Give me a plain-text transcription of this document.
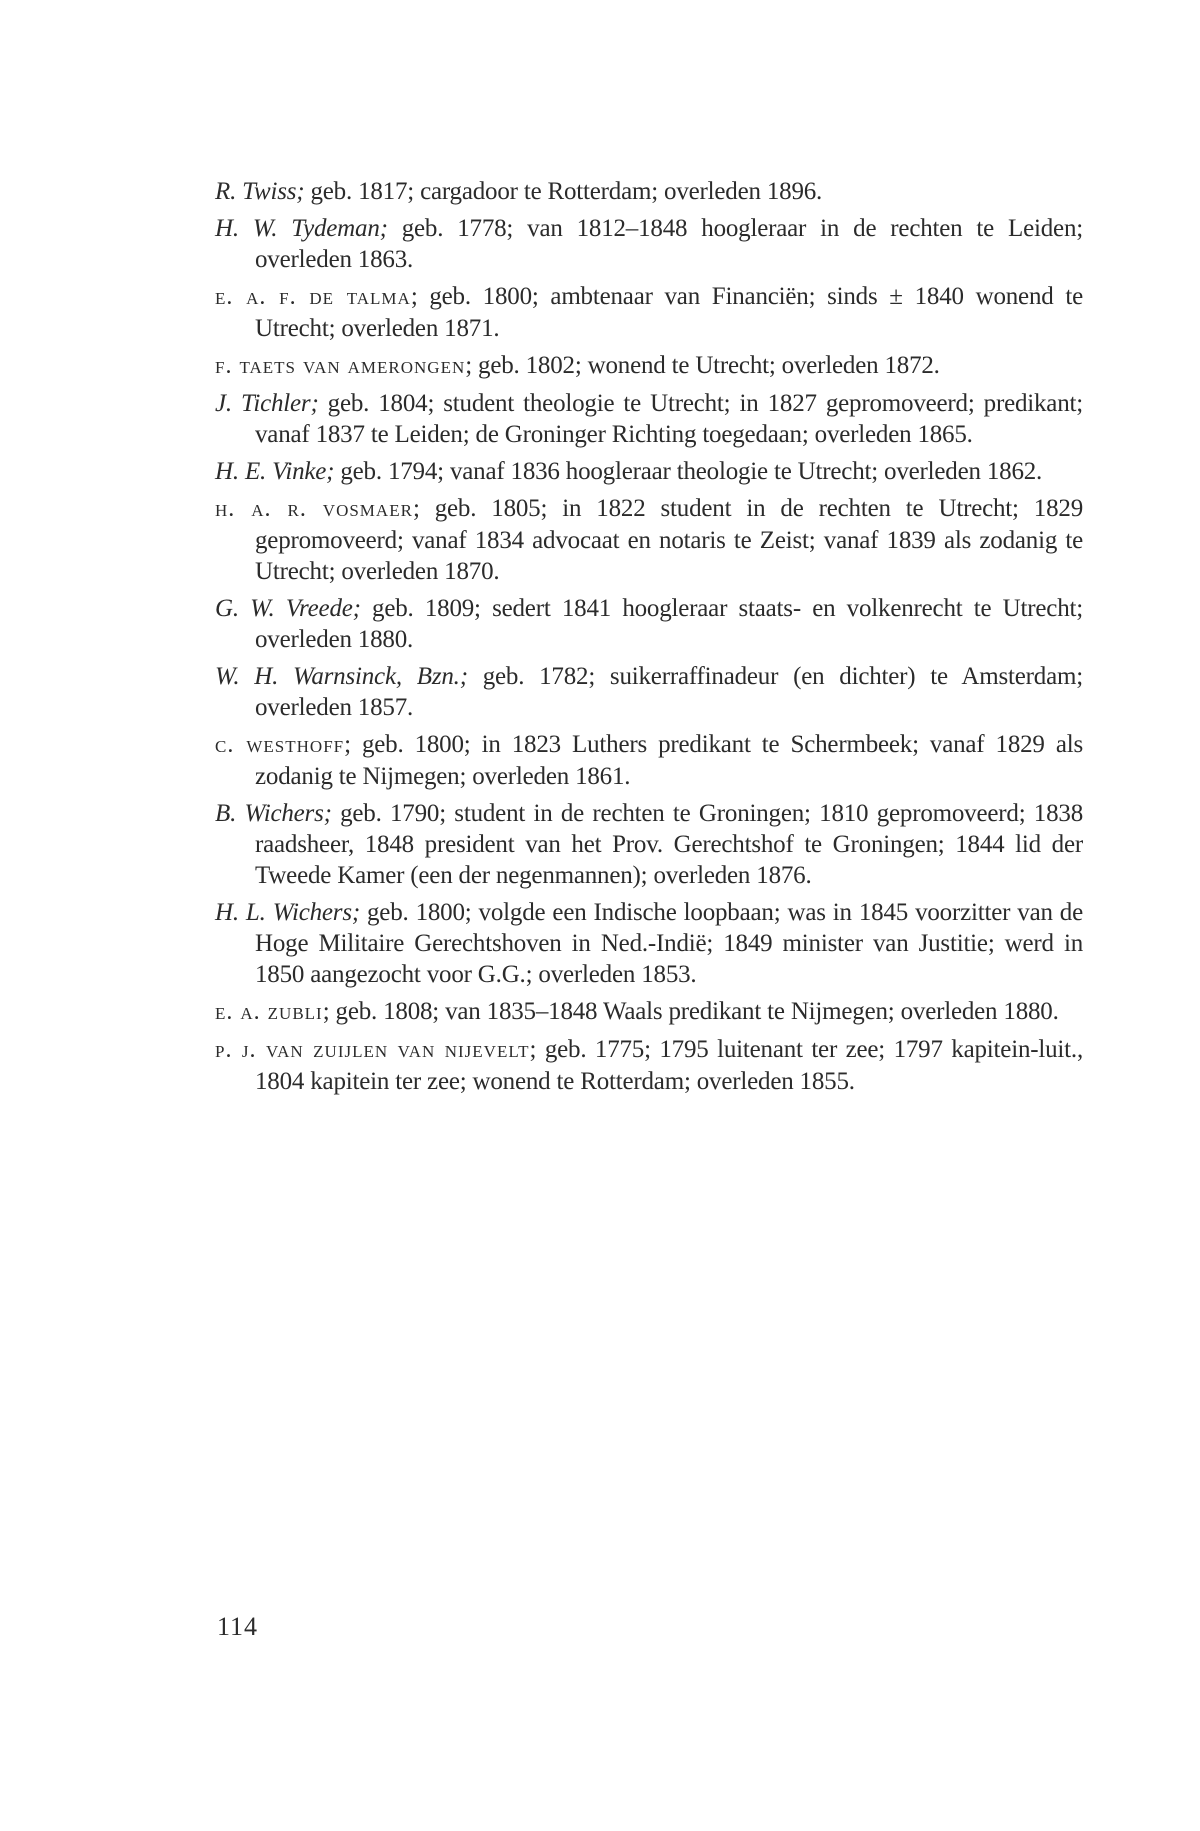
R. Twiss; geb. 1817; cargadoor te Rotterdam; overleden 1896.

H. W. Tydeman; geb. 1778; van 1812–1848 hoogleraar in de rechten te Leiden; overleden 1863.

e. a. f. de talma; geb. 1800; ambtenaar van Financiën; sinds ± 1840 wonend te Utrecht; overleden 1871.

f. taets van amerongen; geb. 1802; wonend te Utrecht; overleden 1872.

J. Tichler; geb. 1804; student theologie te Utrecht; in 1827 gepromoveerd; predikant; vanaf 1837 te Leiden; de Groninger Richting toegedaan; overleden 1865.

H. E. Vinke; geb. 1794; vanaf 1836 hoogleraar theologie te Utrecht; overleden 1862.

h. a. r. vosmaer; geb. 1805; in 1822 student in de rechten te Utrecht; 1829 gepromoveerd; vanaf 1834 advocaat en notaris te Zeist; vanaf 1839 als zodanig te Utrecht; overleden 1870.

G. W. Vreede; geb. 1809; sedert 1841 hoogleraar staats- en volkenrecht te Utrecht; overleden 1880.

W. H. Warnsinck, Bzn.; geb. 1782; suikerraffinadeur (en dichter) te Amsterdam; overleden 1857.

c. westhoff; geb. 1800; in 1823 Luthers predikant te Schermbeek; vanaf 1829 als zodanig te Nijmegen; overleden 1861.

B. Wichers; geb. 1790; student in de rechten te Groningen; 1810 gepromoveerd; 1838 raadsheer, 1848 president van het Prov. Gerechtshof te Groningen; 1844 lid der Tweede Kamer (een der negenmannen); overleden 1876.

H. L. Wichers; geb. 1800; volgde een Indische loopbaan; was in 1845 voorzitter van de Hoge Militaire Gerechtshoven in Ned.-Indië; 1849 minister van Justitie; werd in 1850 aangezocht voor G.G.; overleden 1853.

e. a. zubli; geb. 1808; van 1835–1848 Waals predikant te Nijmegen; overleden 1880.

p. j. van zuijlen van nijevelt; geb. 1775; 1795 luitenant ter zee; 1797 kapitein-luit., 1804 kapitein ter zee; wonend te Rotterdam; overleden 1855.

114
